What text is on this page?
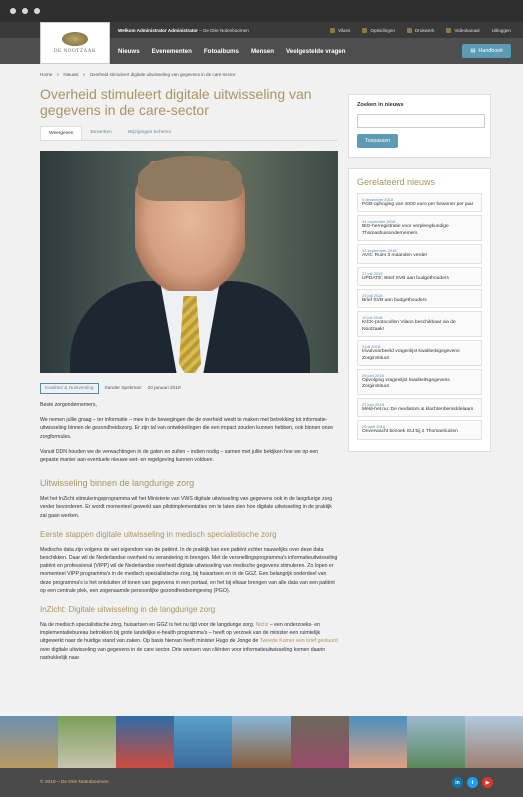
Welkom Administrator Administrator – De Drie Notenboomen	Vilans	Opleidingen	Drukwerk	Videokanaal	Uitloggen
Nieuws Evenementen Fotoalbums Mensen Veelgestelde vragen	▤ Handboek
DE NOOTZAAK
Home » Nieuws » Overheid stimuleert digitale uitwisseling van gegevens in de care-sector
Overheid stimuleert digitale uitwisseling van gegevens in de care-sector
Weergeven	Bewerken	Wijzigingen beheren
Kwaliteit & Huisvesting	Sander Spekman 20 januari 2018

Beste zorgondernemers,

We nemen jullie graag – ter informatie – mee in de bewegingen die de overheid westt te maken met betrekking tot informatie-uitwisseling binnen de gezondheidszorg. Er zijn tal van ontwikkelingen die een impact zouden kunnen hebben, ook binnen onze zorgformules.

Vanuit DDN houden we de verwachtingen in de gaten en zullen – indien nodig – samen met jullie bekijken hoe we op een gepaste manier aan eventuele nieuwe wet- en regelgeving kunnen voldoen.

Uitwisseling binnen de langdurige zorg

Met het InZicht stimuleringsprogramma wil het Ministerie van VWS digitale uitwisseling van gegevens ook in de langdurige zorg verder bevorderen. Er wordt momenteel gewerkt aan pilotimplementaties om te laten zien hoe digitale uitwisseling in de praktijk zal gaan werken.

Eerste stappen digitale uitwisseling in medisch specialistische zorg

Medische data zijn volgens de wet eigendom van de patiënt. In de praktijk kan een patiënt echter nauwelijks over deze data beschikken. Daar wil de Nederlandse overheid nu verandering in brengen. Met de versnellingsprogramma's informatieuitwisseling patiënt en professional (VIPP) wil de Nederlandse overheid digitale uitwisseling van medische gegevens stimuleren. Zo lopen er momenteel VIPP programma's in de medisch specialistische zorg, bij huisartsen en in de GGZ. Een belangrijk onderdeel van deze programma's is het ontsluiten of tonen van gegevens in een portaal, en het bij elkaar brengen van alle data van een patiënt op een centrale plek, een zogenaamde persoonlijke gezondheidsomgeving (PGO).

InZicht: Digitale uitwisseling in de langdurige zorg

Na de medisch specialistische zorg, huisartsen en GGZ is het nu tijd voor de langdurige zorg. Nictiz – een onderzoeks- en implementatiebureau betrokken bij grote landelijke e-health programma's – heeft op verzoek van de minister een ruimtelijk uitgewerkt naar de huidige stand van zaken. Op basis hiervan heeft minister Hugo de Jonge de Tweede Kamer een brief gestuurd over digitale uitwisseling van gegevens in de care sector. Drie wensen van cliënten voor informatieuitwisseling komen daarin nadrukkelijk naar

Zoeken in nieuws
Toepassen
Gerelateerd nieuws
6 december 2018
PGB-ophoging van 4000 euro per bewoner per jaar
14 november 2018
BIG-herregistratie voor verpleegkundige Thomashuisondernemers
12 september 2018
AVG: Ruim 3 maanden verder
27 juli 2018
UPDATE: Brief SVB aan budgethouders
23 juli 2018
Brief SVB aan budgethouders
19 juli 2018
KICK-protocollen Vilans beschikbaar via de Nootzaak!
3 juli 2018
Invulvoorbeeld vragenlijst kwaliteitsgegevens Zorginstituut
29 juni 2018
Opvolging vragenlijst kwaliteitsgegevens Zorginstituut
27 juni 2018
Meld-het.nu: De mediators & klachtenbemiddelaars
20 april 2018
Onverwacht bezoek IGJ bij 2 Thomashuizen
© 2019 – De Drie Notenboomen	in	t	▶
